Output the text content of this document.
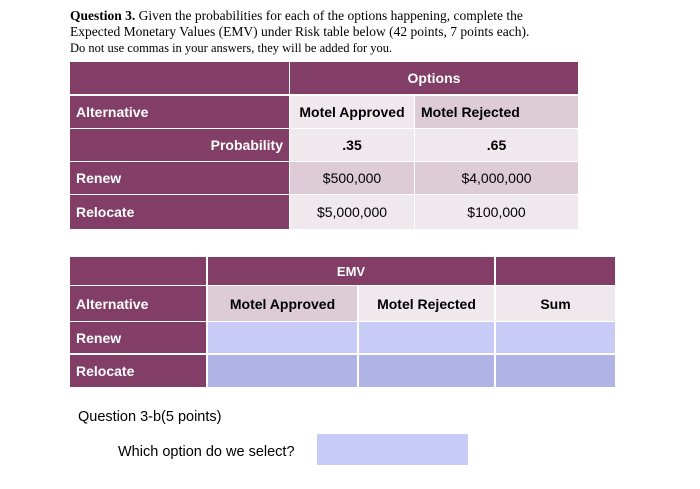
Question 3. Given the probabilities for each of the options happening, complete the
Expected Monetary Values (EMV) under Risk table below (42 points, 7 points each).
Do not use commas in your answers, they will be added for you.
Options
Alternative	Motel Approved	Motel Rejected
Probability	.35	.65
Renew	$500,000	$4,000,000
Relocate	$5,000,000	$100,000
EMV
Alternative	Motel Approved	Motel Rejected	Sum
Renew
Relocate
Question 3-b(5 points)
Which option do we select?
